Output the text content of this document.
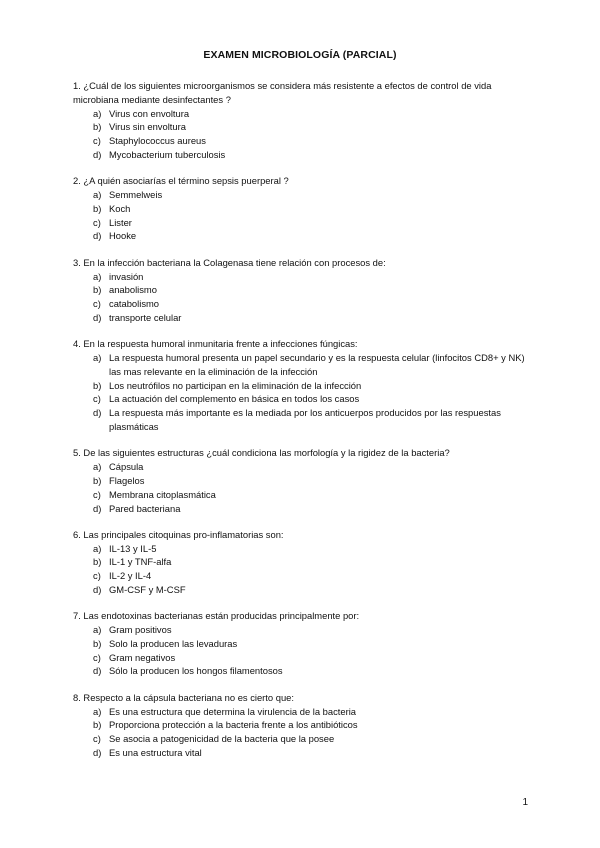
EXAMEN MICROBIOLOGÍA (PARCIAL)

1. ¿Cuál de los siguientes microorganismos se considera más resistente a efectos de control de vida microbiana mediante desinfectantes ?

a) Virus con envoltura
b) Virus sin envoltura
c) Staphylococcus aureus
d) Mycobacterium tuberculosis

2. ¿A quién asociarías el término sepsis puerperal ?

a) Semmelweis
b) Koch
c) Lister
d) Hooke

3. En la infección bacteriana la Colagenasa tiene relación con procesos de:

a) invasión
b) anabolismo
c) catabolismo
d) transporte celular

4. En la respuesta humoral inmunitaria frente a infecciones fúngicas:

a) La respuesta humoral presenta un papel secundario y es la respuesta celular (linfocitos CD8+ y NK) las mas relevante en la eliminación de la infección
b) Los neutrófilos no participan en la eliminación de la infección
c) La actuación del complemento en básica en todos los casos
d) La respuesta más importante es la mediada por los anticuerpos producidos por las respuestas plasmáticas

5. De las siguientes estructuras ¿cuál condiciona las morfología y la rigidez de la bacteria?

a) Cápsula
b) Flagelos
c) Membrana citoplasmática
d) Pared bacteriana

6. Las principales citoquinas pro-inflamatorias son:

a) IL-13 y IL-5
b) IL-1 y TNF-alfa
c) IL-2 y IL-4
d) GM-CSF y M-CSF

7. Las endotoxinas bacterianas están producidas principalmente por:

a) Gram positivos
b) Solo la producen las levaduras
c) Gram negativos
d) Sólo la producen los hongos filamentosos

8. Respecto a la cápsula bacteriana no es cierto que:

a) Es una estructura que determina la virulencia de la bacteria
b) Proporciona protección a la bacteria frente a los antibióticos
c) Se asocia a patogenicidad de la bacteria que la posee
d) Es una estructura vital
1
